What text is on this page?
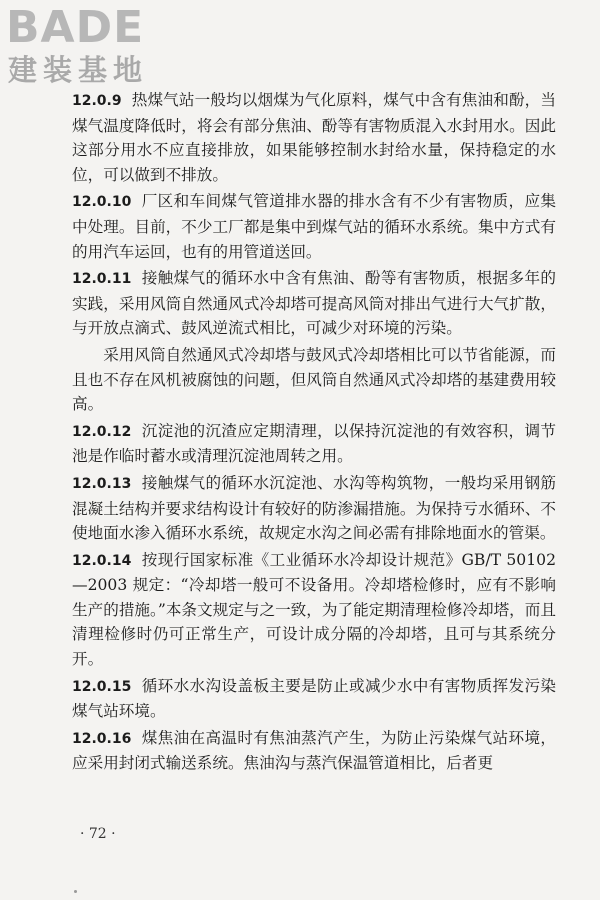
BADE
建装基地

12.0.9 热煤气站一般均以烟煤为气化原料，煤气中含有焦油和酚，当煤气温度降低时，将会有部分焦油、酚等有害物质混入水封用水。因此这部分用水不应直接排放，如果能够控制水封给水量，保持稳定的水位，可以做到不排放。

12.0.10 厂区和车间煤气管道排水器的排水含有不少有害物质，应集中处理。目前，不少工厂都是集中到煤气站的循环水系统。集中方式有的用汽车运回，也有的用管道送回。

12.0.11 接触煤气的循环水中含有焦油、酚等有害物质，根据多年的实践，采用风筒自然通风式冷却塔可提高风筒对排出气进行大气扩散，与开放点滴式、鼓风逆流式相比，可减少对环境的污染。

采用风筒自然通风式冷却塔与鼓风式冷却塔相比可以节省能源，而且也不存在风机被腐蚀的问题，但风筒自然通风式冷却塔的基建费用较高。

12.0.12 沉淀池的沉渣应定期清理，以保持沉淀池的有效容积，调节池是作临时蓄水或清理沉淀池周转之用。

12.0.13 接触煤气的循环水沉淀池、水沟等构筑物，一般均采用钢筋混凝土结构并要求结构设计有较好的防渗漏措施。为保持亏水循环、不使地面水渗入循环水系统，故规定水沟之间必需有排除地面水的管渠。

12.0.14 按现行国家标准《工业循环水冷却设计规范》GB/T 50102—2003 规定：“冷却塔一般可不设备用。冷却塔检修时，应有不影响生产的措施。”本条文规定与之一致，为了能定期清理检修冷却塔，而且清理检修时仍可正常生产，可设计成分隔的冷却塔，且可与其系统分开。

12.0.15 循环水水沟设盖板主要是防止或减少水中有害物质挥发污染煤气站环境。

12.0.16 煤焦油在高温时有焦油蒸汽产生，为防止污染煤气站环境，应采用封闭式输送系统。焦油沟与蒸汽保温管道相比，后者更

· 72 ·
